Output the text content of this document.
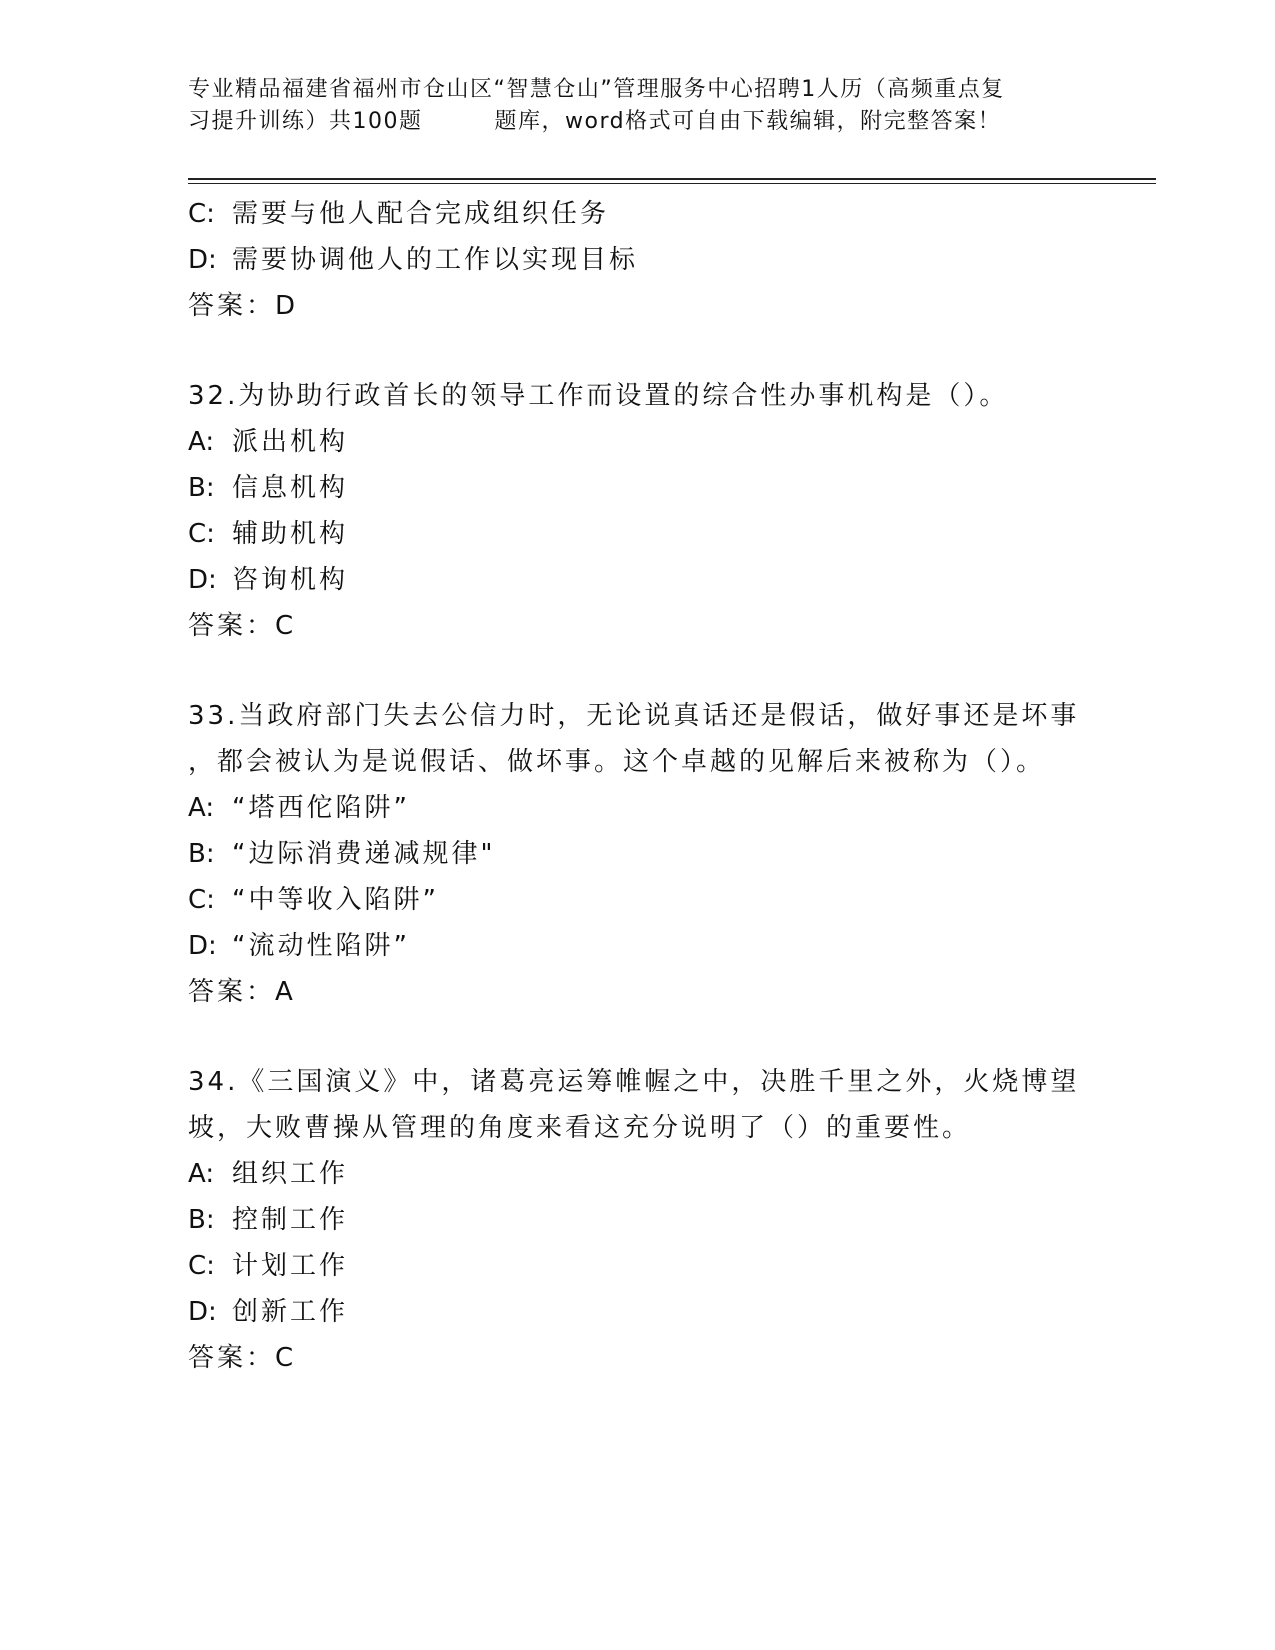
专业精品福建省福州市仓山区“智慧仓山”管理服务中心招聘1人历（高频重点复
习提升训练）共100题	题库，word格式可自由下载编辑，附完整答案！
C: 需要与他人配合完成组织任务
D: 需要协调他人的工作以实现目标
答案：D
32.为协助行政首长的领导工作而设置的综合性办事机构是（）。
A: 派出机构
B: 信息机构
C: 辅助机构
D: 咨询机构
答案：C
33.当政府部门失去公信力时，无论说真话还是假话，做好事还是坏事
，都会被认为是说假话、做坏事。这个卓越的见解后来被称为（）。
A: “塔西佗陷阱”
B: “边际消费递减规律"
C: “中等收入陷阱”
D: “流动性陷阱”
答案：A
34.《三国演义》中，诸葛亮运筹帷幄之中，决胜千里之外，火烧博望
坡，大败曹操从管理的角度来看这充分说明了（）的重要性。
A: 组织工作
B: 控制工作
C: 计划工作
D: 创新工作
答案：C
